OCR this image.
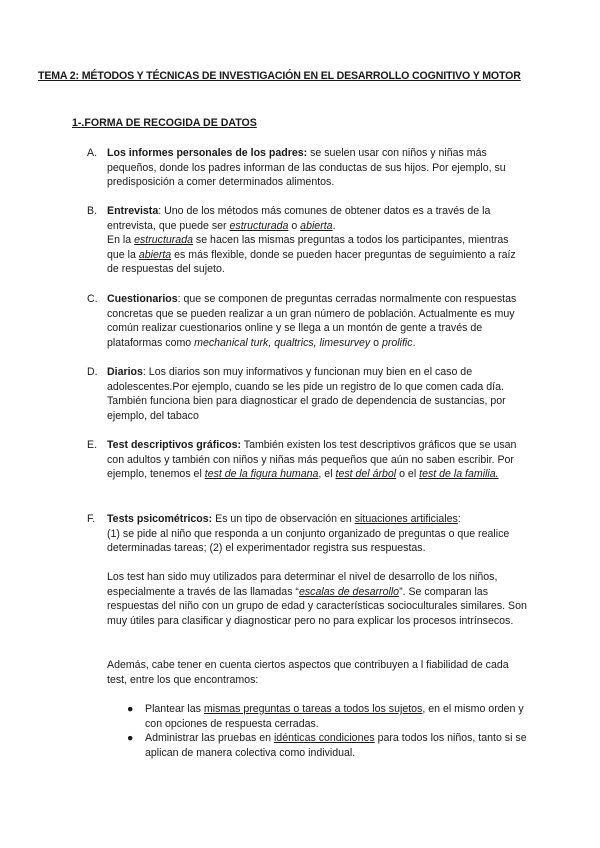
TEMA 2: MÉTODOS Y TÉCNICAS DE INVESTIGACIÓN EN EL DESARROLLO COGNITIVO Y MOTOR
1-.FORMA DE RECOGIDA DE DATOS
A. Los informes personales de los padres: se suelen usar con niños y niñas más pequeños, donde los padres informan de las conductas de sus hijos. Por ejemplo, su predisposición a comer determinados alimentos.
B. Entrevista: Uno de los métodos más comunes de obtener datos es a través de la entrevista, que puede ser estructurada o abierta.
En la estructurada se hacen las mismas preguntas a todos los participantes, mientras que la abierta es más flexible, donde se pueden hacer preguntas de seguimiento a raíz de respuestas del sujeto.
C. Cuestionarios: que se componen de preguntas cerradas normalmente con respuestas concretas que se pueden realizar a un gran número de población. Actualmente es muy común realizar cuestionarios online y se llega a un montón de gente a través de plataformas como mechanical turk, qualtrics, limesurvey o prolific.
D. Diarios: Los diarios son muy informativos y funcionan muy bien en el caso de adolescentes.Por ejemplo, cuando se les pide un registro de lo que comen cada día. También funciona bien para diagnosticar el grado de dependencia de sustancias, por ejemplo, del tabaco
E. Test descriptivos gráficos: También existen los test descriptivos gráficos que se usan con adultos y también con niños y niñas más pequeños que aún no saben escribir. Por ejemplo, tenemos el test de la figura humana, el test del árbol o el test de la familia.
F. Tests psicométricos: Es un tipo de observación en situaciones artificiales:
(1) se pide al niño que responda a un conjunto organizado de preguntas o que realice determinadas tareas; (2) el experimentador registra sus respuestas.
Los test han sido muy utilizados para determinar el nivel de desarrollo de los niños, especialmente a través de las llamadas “escalas de desarrollo”. Se comparan las respuestas del niño con un grupo de edad y características socioculturales similares. Son muy útiles para clasificar y diagnosticar pero no para explicar los procesos intrínsecos.
Además, cabe tener en cuenta ciertos aspectos que contribuyen a l fiabilidad de cada test, entre los que encontramos:
● Plantear las mismas preguntas o tareas a todos los sujetos, en el mismo orden y con opciones de respuesta cerradas.
● Administrar las pruebas en idénticas condiciones para todos los niños, tanto si se aplican de manera colectiva como individual.
